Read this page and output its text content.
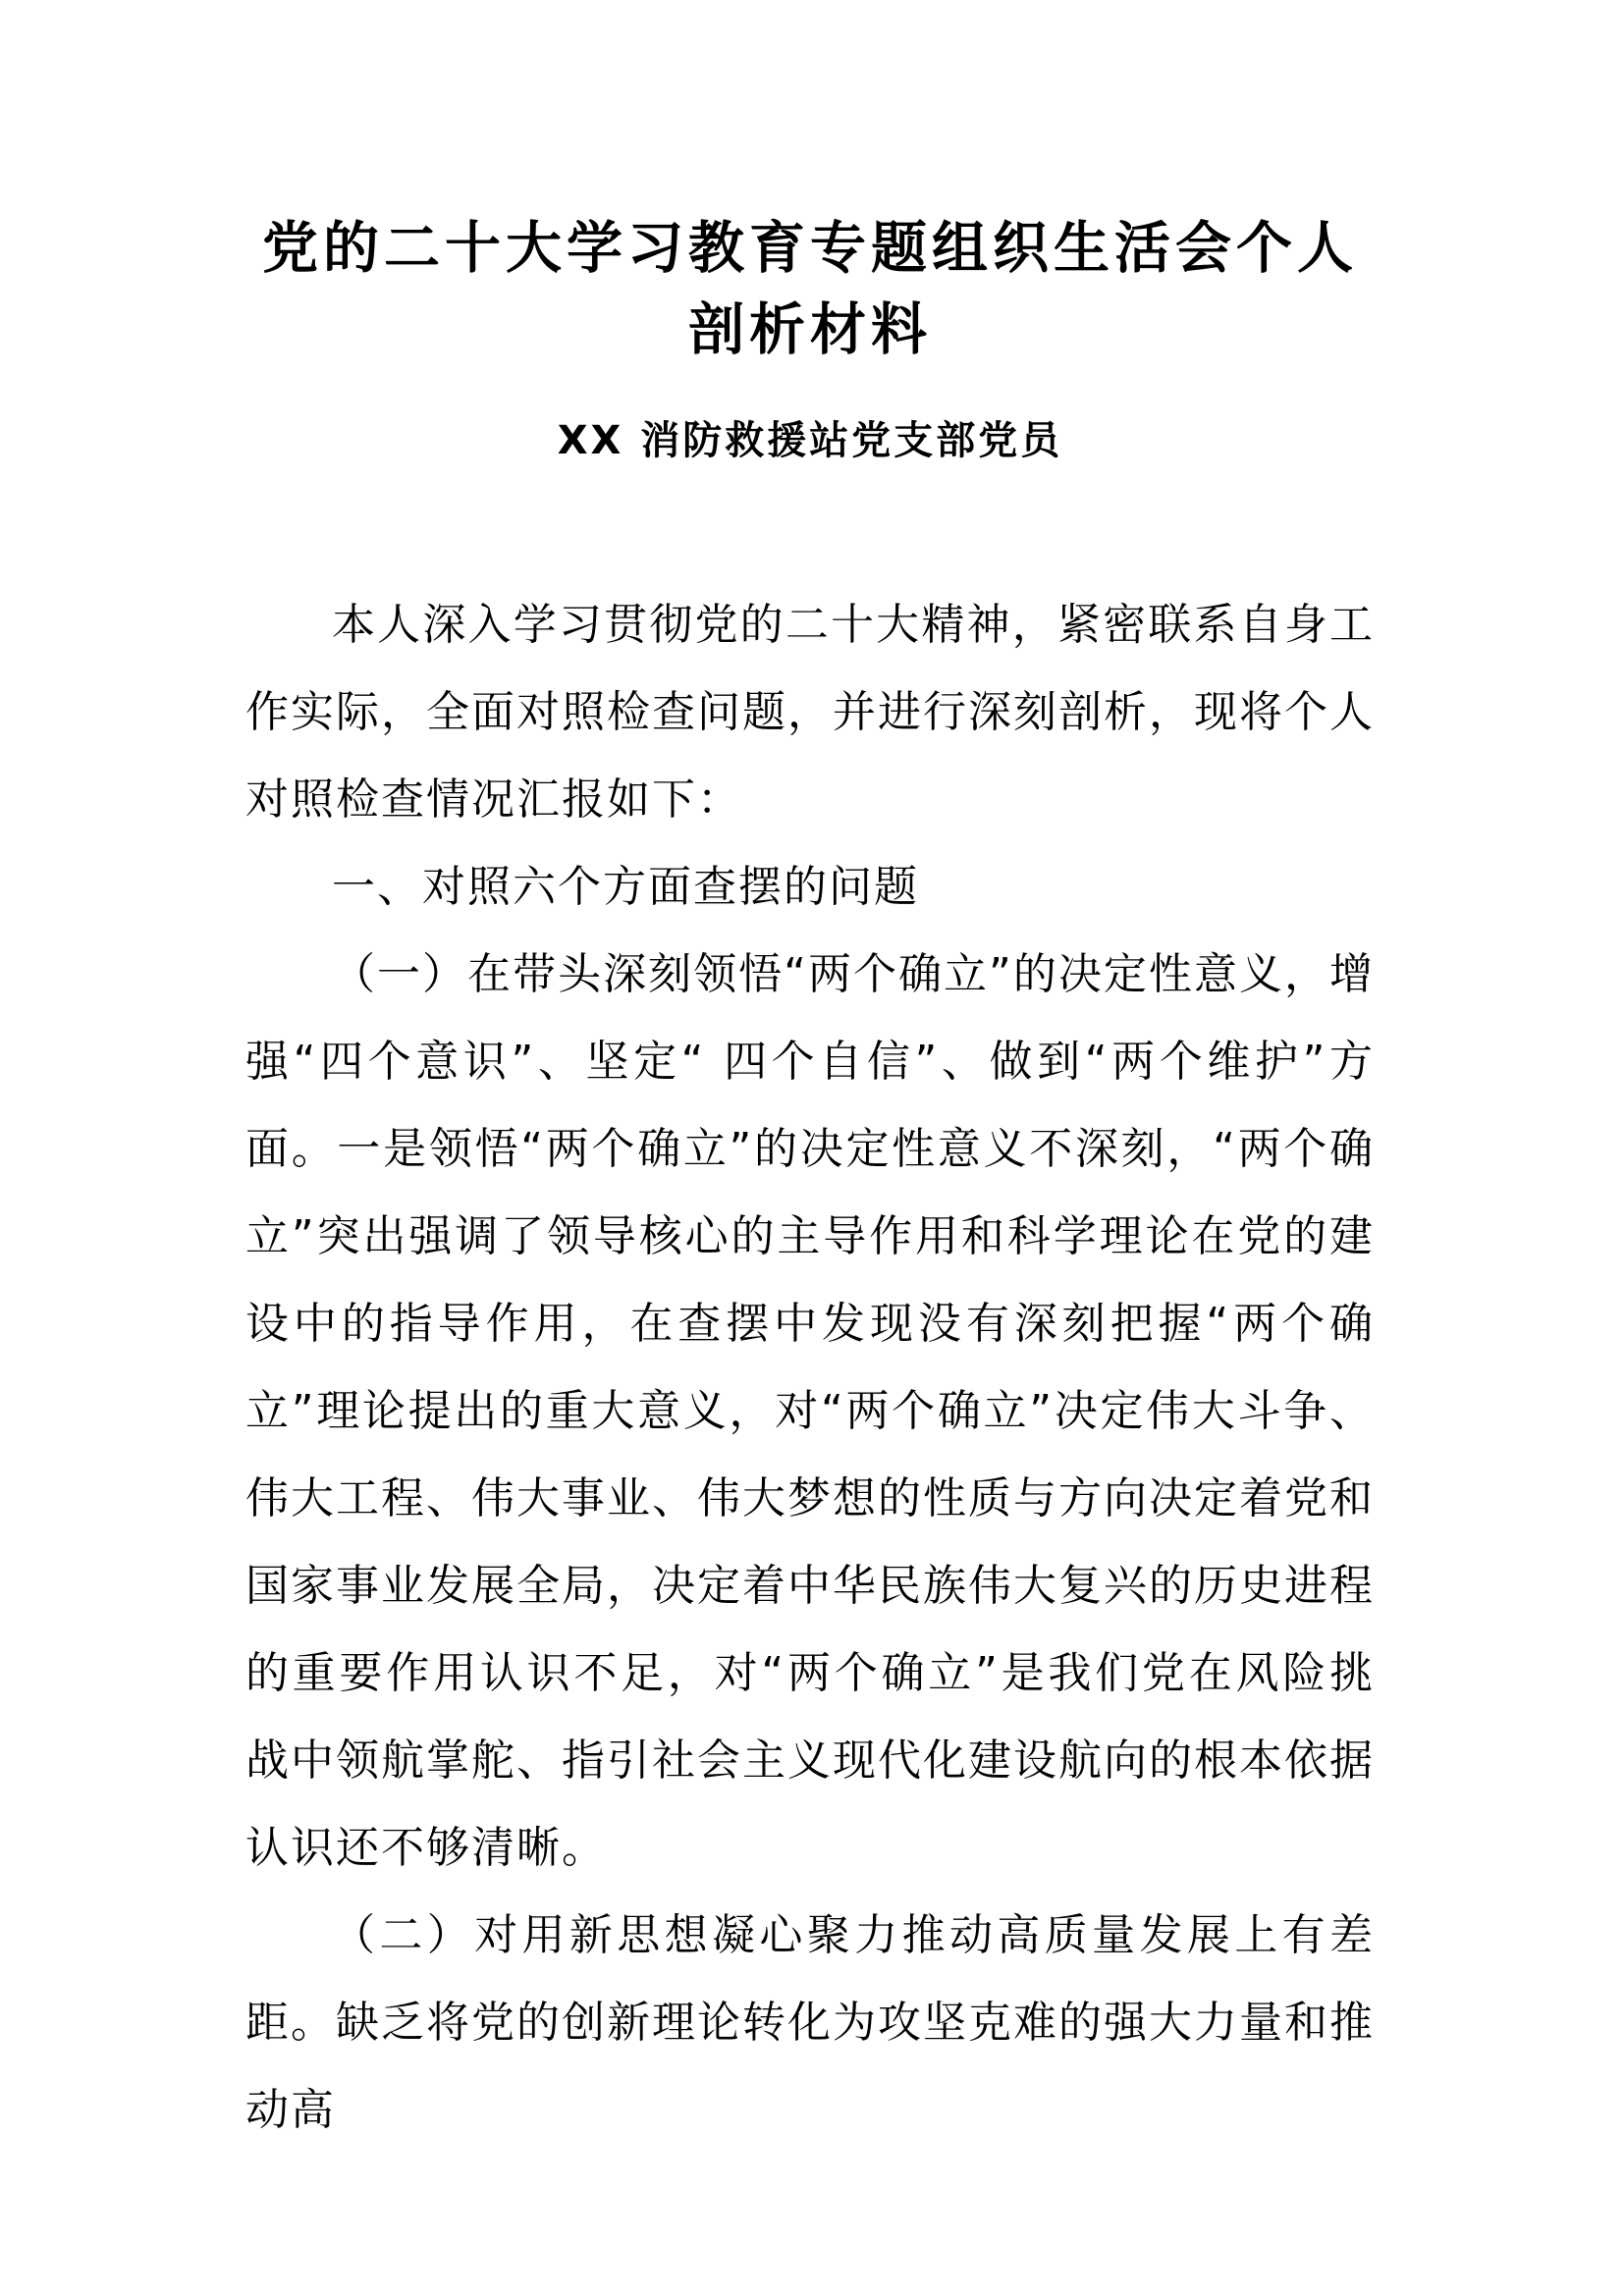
党的二十大学习教育专题组织生活会个人
剖析材料
XX 消防救援站党支部党员

本人深入学习贯彻党的二十大精神，紧密联系自身工作实际，全面对照检查问题，并进行深刻剖析，现将个人对照检查情况汇报如下：

一、对照六个方面查摆的问题

（一）在带头深刻领悟“两个确立”的决定性意义，增强“四个意识”、坚定“ 四个自信”、做到“两个维护”方面。一是领悟“两个确立”的决定性意义不深刻，“两个确立”突出强调了领导核心的主导作用和科学理论在党的建设中的指导作用，在查摆中发现没有深刻把握“两个确立”理论提出的重大意义，对“两个确立”决定伟大斗争、伟大工程、伟大事业、伟大梦想的性质与方向决定着党和国家事业发展全局，决定着中华民族伟大复兴的历史进程的重要作用认识不足，对“两个确立”是我们党在风险挑战中领航掌舵、指引社会主义现代化建设航向的根本依据认识还不够清晰。

（二）对用新思想凝心聚力推动高质量发展上有差距。缺乏将党的创新理论转化为攻坚克难的强大力量和推动高
